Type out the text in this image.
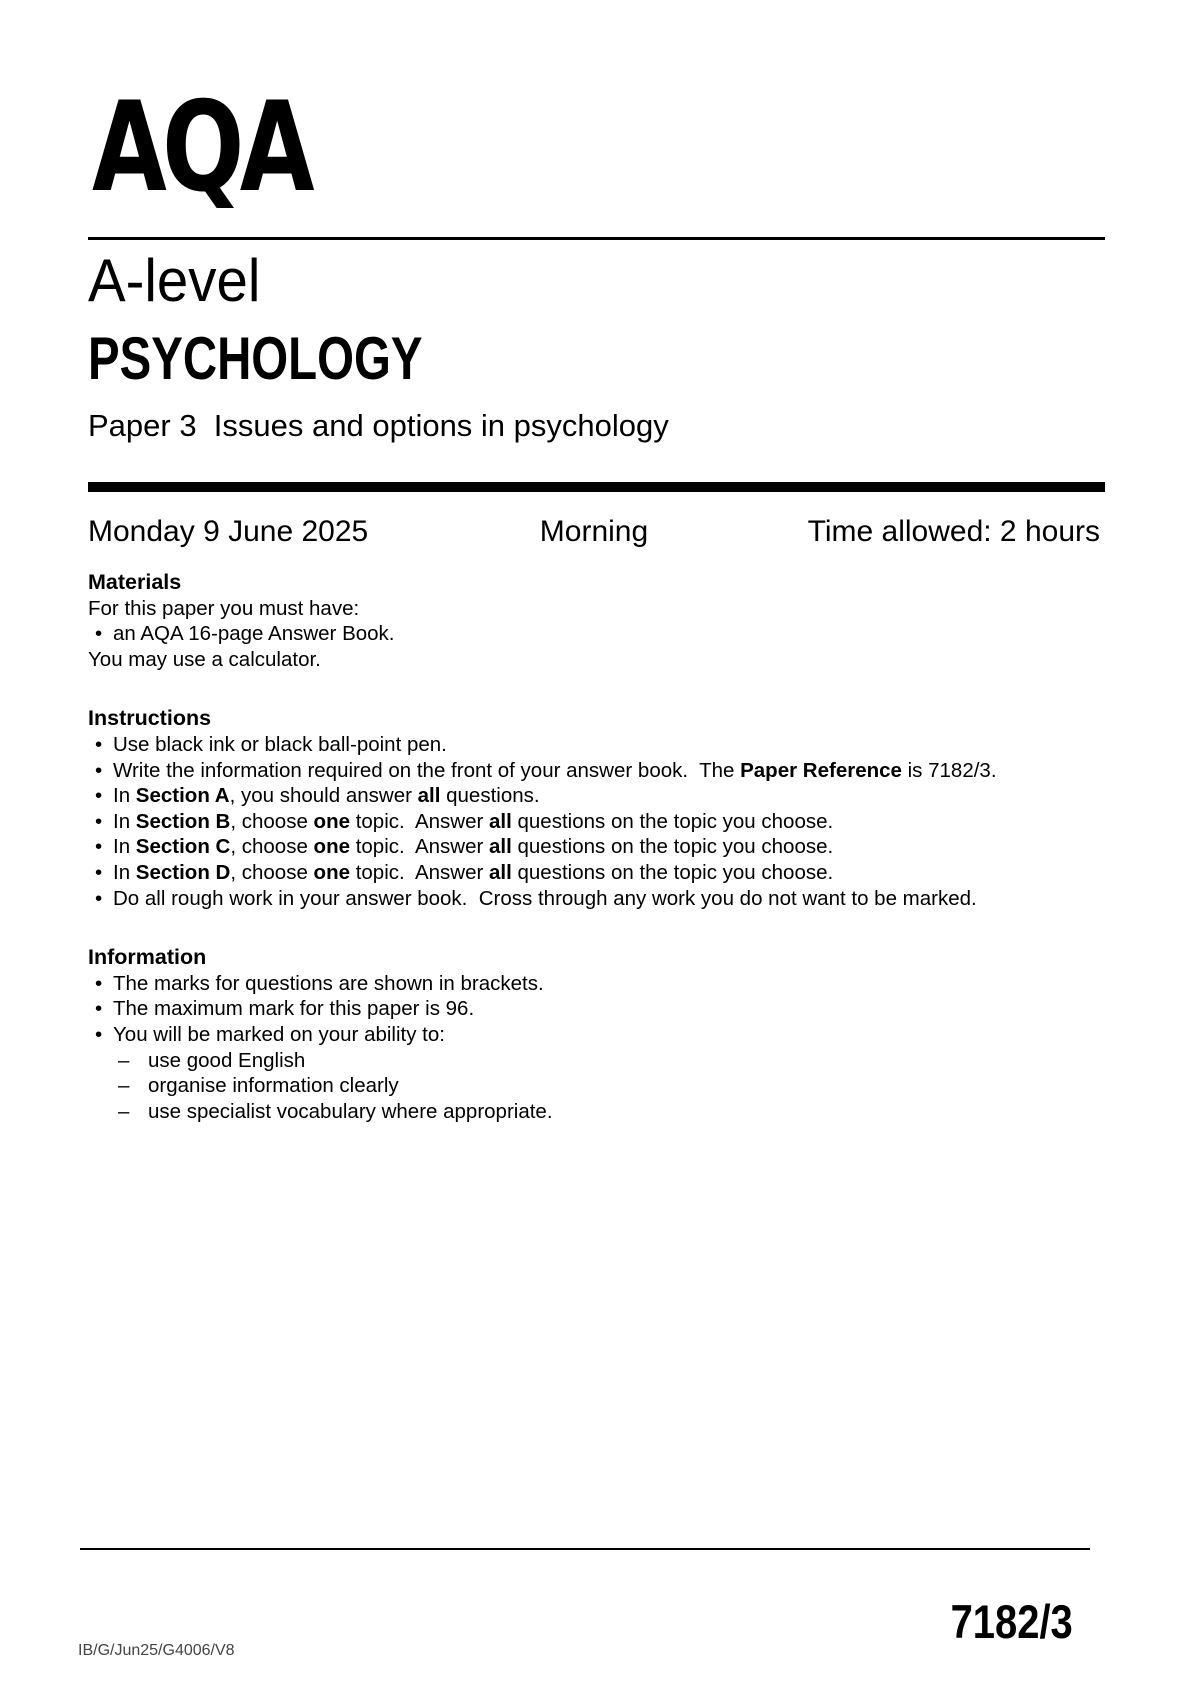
AQA
A-level
PSYCHOLOGY
Paper 3  Issues and options in psychology
Monday 9 June 2025	Morning	Time allowed: 2 hours
Materials
For this paper you must have:
• an AQA 16-page Answer Book.
You may use a calculator.
Instructions
• Use black ink or black ball-point pen.
• Write the information required on the front of your answer book.  The Paper Reference is 7182/3.
• In Section A, you should answer all questions.
• In Section B, choose one topic.  Answer all questions on the topic you choose.
• In Section C, choose one topic.  Answer all questions on the topic you choose.
• In Section D, choose one topic.  Answer all questions on the topic you choose.
• Do all rough work in your answer book.  Cross through any work you do not want to be marked.
Information
• The marks for questions are shown in brackets.
• The maximum mark for this paper is 96.
• You will be marked on your ability to:
– use good English
– organise information clearly
– use specialist vocabulary where appropriate.
7182/3
IB/G/Jun25/G4006/V8
